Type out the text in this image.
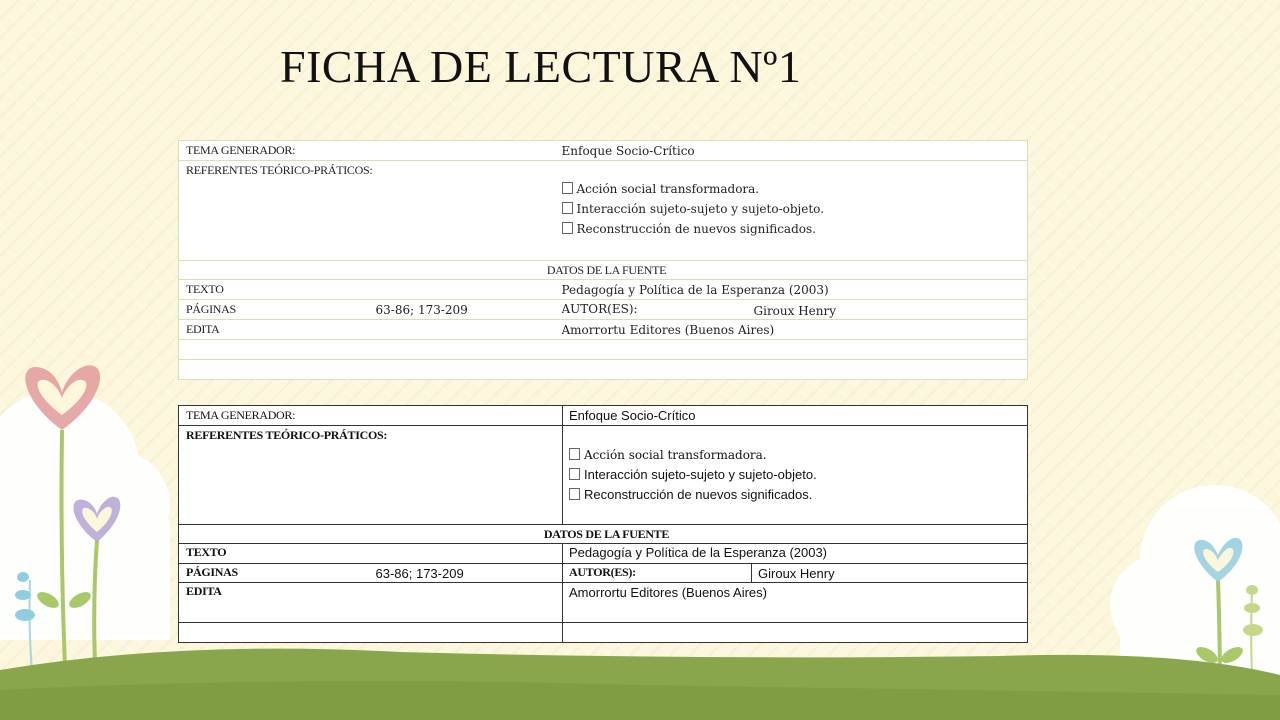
FICHA DE LECTURA Nº1
TEMA GENERADOR:		Enfoque Socio-Crítico	
REFERENTES TEÓRICO-PRÁTICOS:		Acción social transformadora.
Interacción sujeto-sujeto y sujeto-objeto.
Reconstrucción de nuevos significados.	

DATOS DE LA FUENTE			
TEXTO		Pedagogía y Política de la Esperanza (2003)	
PÁGINAS	63-86; 173-209	AUTOR(ES):	Giroux Henry
EDITA		Amorrortu Editores (Buenos Aires)	

TEMA GENERADOR:		Enfoque Socio-Crítico	
REFERENTES TEÓRICO-PRÁTICOS:		Acción social transformadora.
Interacción sujeto-sujeto y sujeto-objeto.
Reconstrucción de nuevos significados.	

DATOS DE LA FUENTE			
TEXTO		Pedagogía y Política de la Esperanza (2003)	
PÁGINAS	63-86; 173-209	AUTOR(ES):	Giroux Henry
EDITA		Amorrortu Editores (Buenos Aires)	
